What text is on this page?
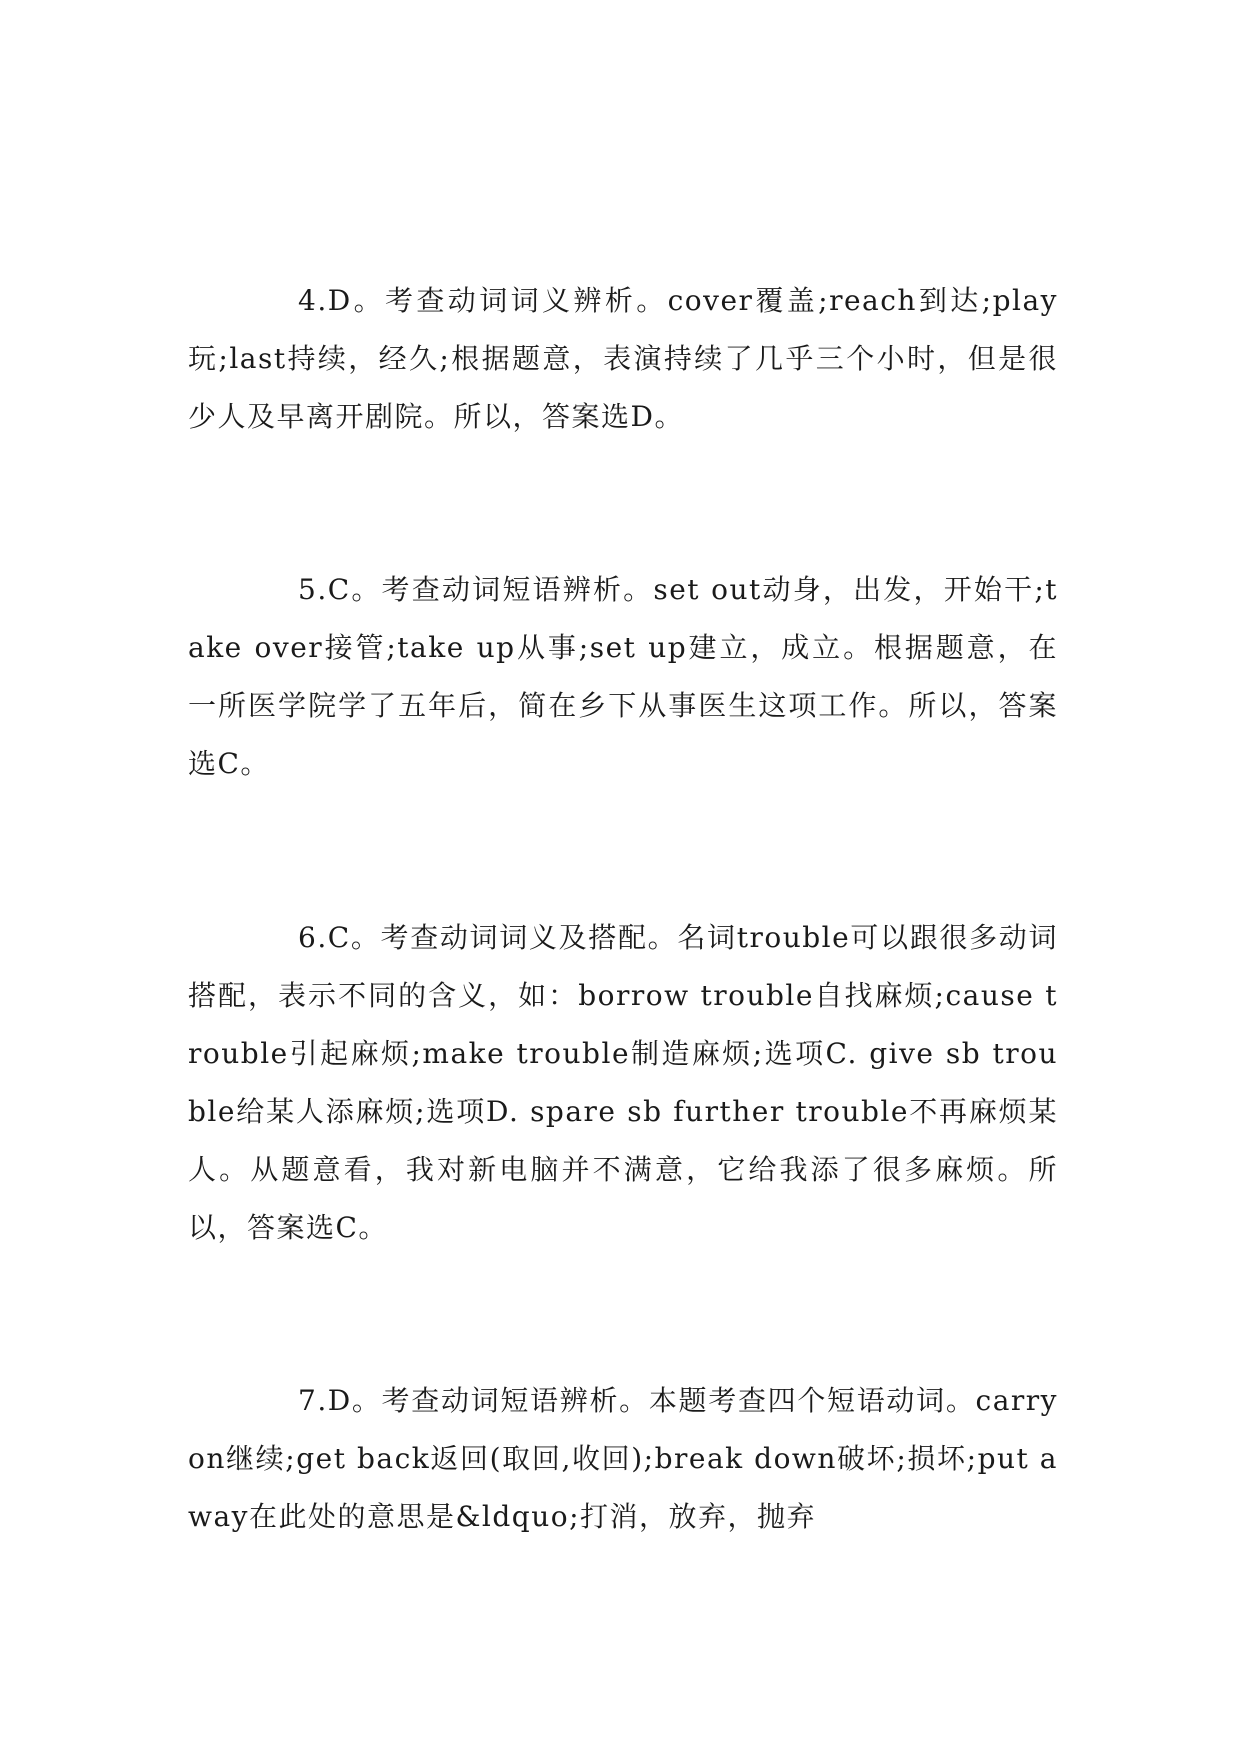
4.D。考查动词词义辨析。cover覆盖;reach到达;play玩;last持续，经久;根据题意，表演持续了几乎三个小时，但是很少人及早离开剧院。所以，答案选D。

5.C。考查动词短语辨析。set out动身，出发，开始干;take over接管;take up从事;set up建立，成立。根据题意，在一所医学院学了五年后，简在乡下从事医生这项工作。所以，答案选C。

6.C。考查动词词义及搭配。名词trouble可以跟很多动词搭配，表示不同的含义，如：borrow trouble自找麻烦;cause trouble引起麻烦;make trouble制造麻烦;选项C. give sb trouble给某人添麻烦;选项D. spare sb further trouble不再麻烦某人。从题意看，我对新电脑并不满意，它给我添了很多麻烦。所以，答案选C。

7.D。考查动词短语辨析。本题考查四个短语动词。carry on继续;get back返回(取回,收回);break down破坏;损坏;put away在此处的意思是&ldquo;打消，放弃，抛弃
